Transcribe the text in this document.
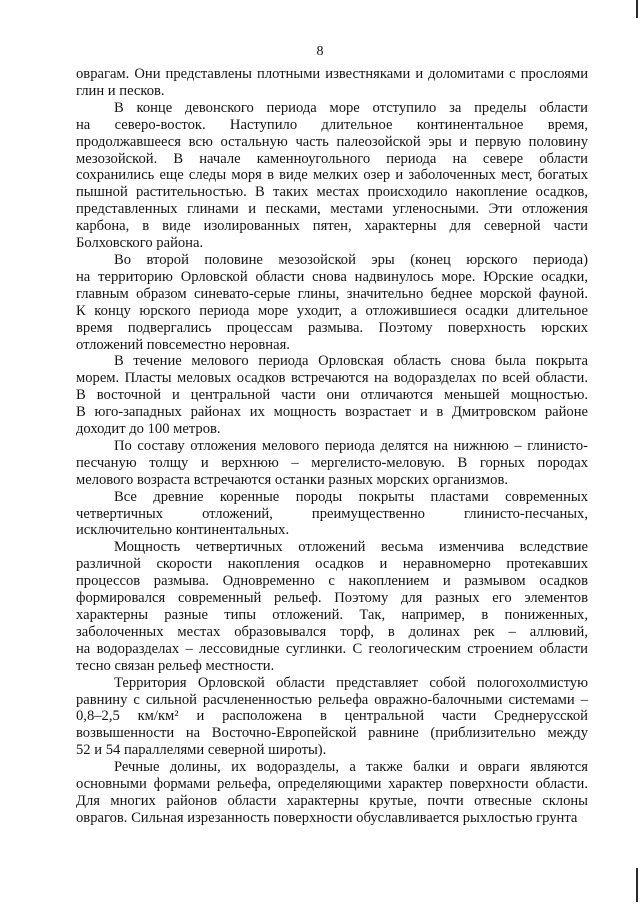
8
оврагам. Они представлены плотными известняками и доломитами с прослоями
глин и песков.
В конце девонского периода море отступило за пределы области
на северо-восток. Наступило длительное континентальное время,
продолжавшееся всю остальную часть палеозойской эры и первую половину
мезозойской. В начале каменноугольного периода на севере области
сохранились еще следы моря в виде мелких озер и заболоченных мест, богатых
пышной растительностью. В таких местах происходило накопление осадков,
представленных глинами и песками, местами угленосными. Эти отложения
карбона, в виде изолированных пятен, характерны для северной части
Болховского района.
Во второй половине мезозойской эры (конец юрского периода)
на территорию Орловской области снова надвинулось море. Юрские осадки,
главным образом синевато-серые глины, значительно беднее морской фауной.
К концу юрского периода море уходит, а отложившиеся осадки длительное
время подвергались процессам размыва. Поэтому поверхность юрских
отложений повсеместно неровная.
В течение мелового периода Орловская область снова была покрыта
морем. Пласты меловых осадков встречаются на водоразделах по всей области.
В восточной и центральной части они отличаются меньшей мощностью.
В юго-западных районах их мощность возрастает и в Дмитровском районе
доходит до 100 метров.
По составу отложения мелового периода делятся на нижнюю – глинисто-
песчаную толщу и верхнюю – мергелисто-меловую. В горных породах
мелового возраста встречаются останки разных морских организмов.
Все древние коренные породы покрыты пластами современных
четвертичных отложений, преимущественно глинисто-песчаных,
исключительно континентальных.
Мощность четвертичных отложений весьма изменчива вследствие
различной скорости накопления осадков и неравномерно протекавших
процессов размыва. Одновременно с накоплением и размывом осадков
формировался современный рельеф. Поэтому для разных его элементов
характерны разные типы отложений. Так, например, в пониженных,
заболоченных местах образовывался торф, в долинах рек – аллювий,
на водоразделах – лессовидные суглинки. С геологическим строением области
тесно связан рельеф местности.
Территория Орловской области представляет собой пологохолмистую
равнину с сильной расчлененностью рельефа овражно-балочными системами –
0,8–2,5 км/км² и расположена в центральной части Среднерусской
возвышенности на Восточно-Европейской равнине (приблизительно между
52 и 54 параллелями северной широты).
Речные долины, их водоразделы, а также балки и овраги являются
основными формами рельефа, определяющими характер поверхности области.
Для многих районов области характерны крутые, почти отвесные склоны
оврагов. Сильная изрезанность поверхности обуславливается рыхлостью грунта
